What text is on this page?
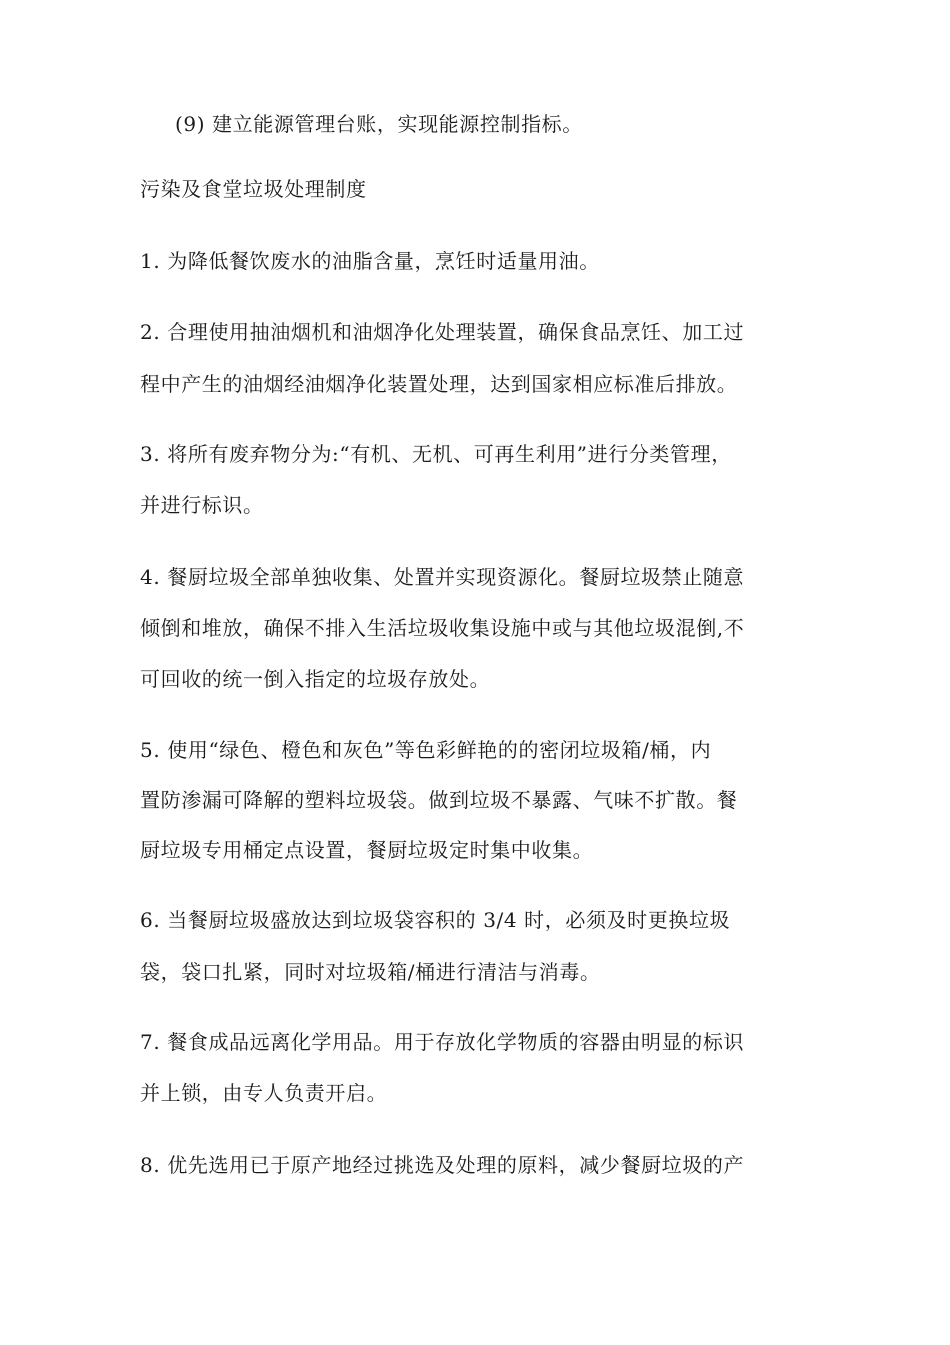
(9) 建立能源管理台账，实现能源控制指标。
污染及食堂垃圾处理制度
1. 为降低餐饮废水的油脂含量，烹饪时适量用油。
2. 合理使用抽油烟机和油烟净化处理装置，确保食品烹饪、加工过
程中产生的油烟经油烟净化装置处理，达到国家相应标准后排放。
3. 将所有废弃物分为:“有机、无机、可再生利用”进行分类管理，
并进行标识。
4. 餐厨垃圾全部单独收集、处置并实现资源化。餐厨垃圾禁止随意
倾倒和堆放，确保不排入生活垃圾收集设施中或与其他垃圾混倒,不
可回收的统一倒入指定的垃圾存放处。
5. 使用“绿色、橙色和灰色”等色彩鲜艳的的密闭垃圾箱/桶，内
置防渗漏可降解的塑料垃圾袋。做到垃圾不暴露、气味不扩散。餐
厨垃圾专用桶定点设置，餐厨垃圾定时集中收集。
6. 当餐厨垃圾盛放达到垃圾袋容积的 3/4 时，必须及时更换垃圾
袋，袋口扎紧，同时对垃圾箱/桶进行清洁与消毒。
7. 餐食成品远离化学用品。用于存放化学物质的容器由明显的标识
并上锁，由专人负责开启。
8. 优先选用已于原产地经过挑选及处理的原料，减少餐厨垃圾的产
